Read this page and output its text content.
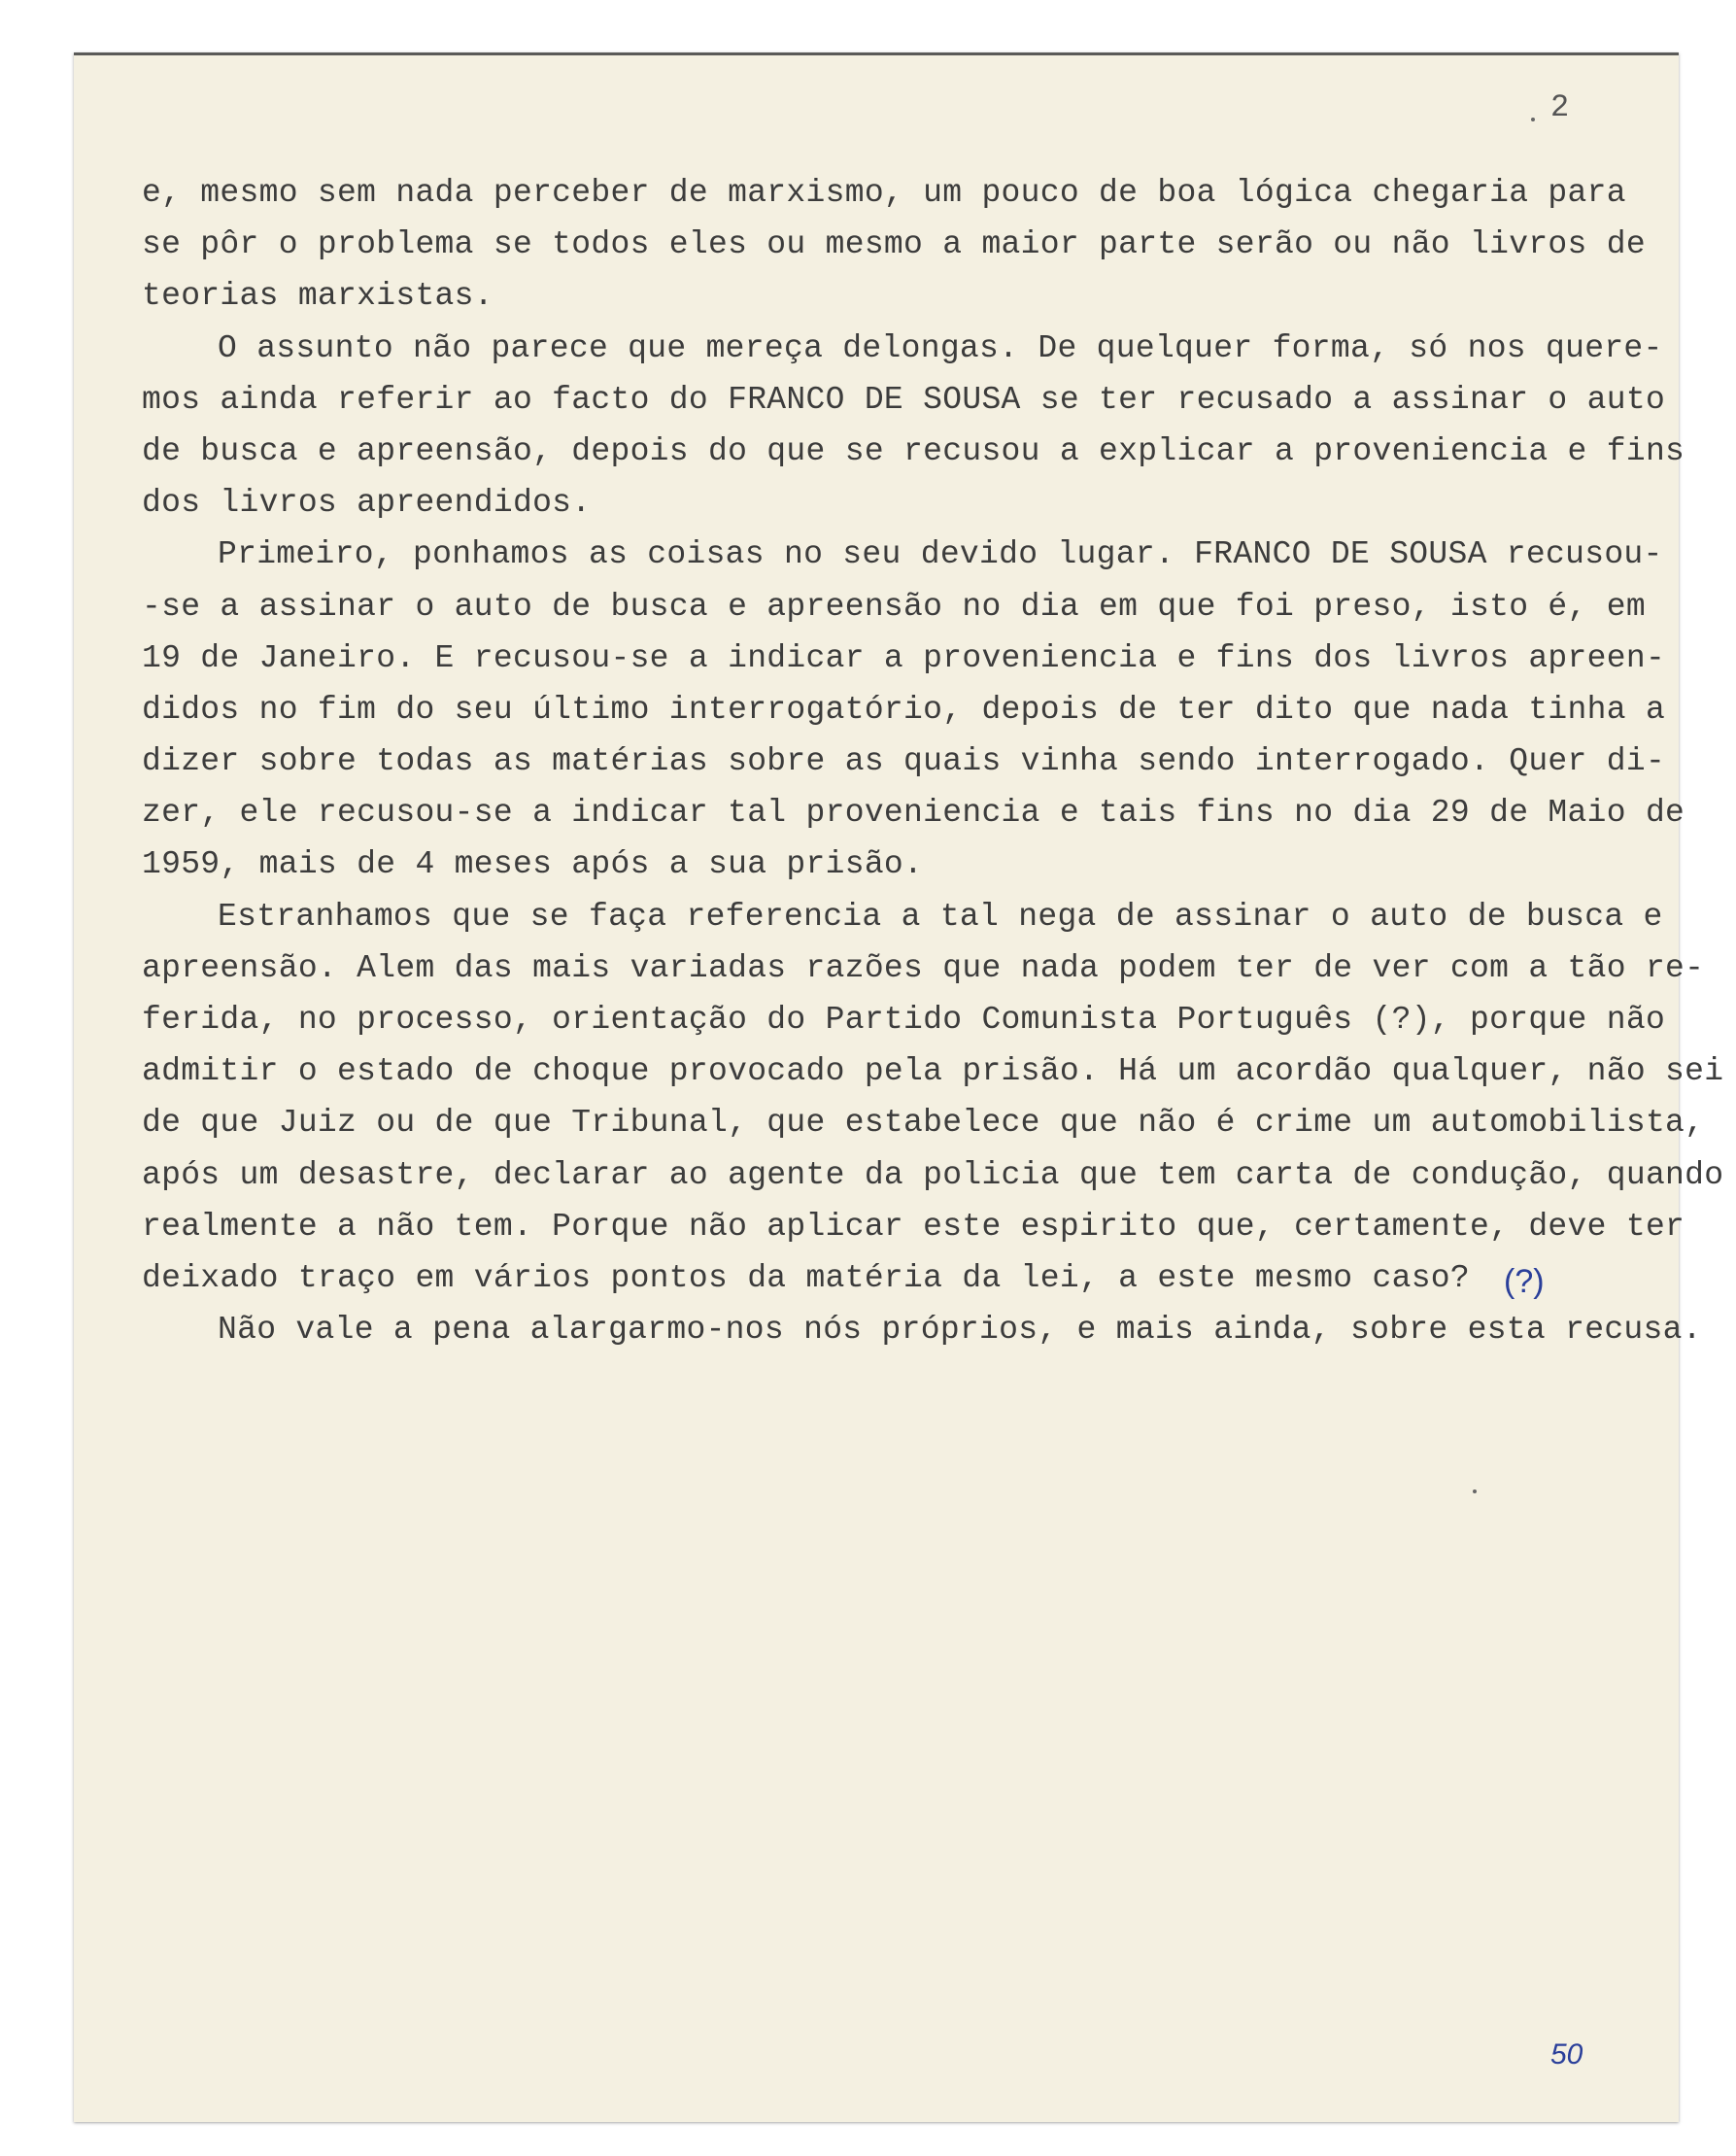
2
e, mesmo sem nada perceber de marxismo, um pouco de boa lógica chegaria para
se pôr o problema se todos eles ou mesmo a maior parte serão ou não livros de
teorias marxistas.
O assunto não parece que mereça delongas. De quelquer forma, só nos quere-
mos ainda referir ao facto do FRANCO DE SOUSA se ter recusado a assinar o auto
de busca e apreensão, depois do que se recusou a explicar a proveniencia e fins
dos livros apreendidos.
Primeiro, ponhamos as coisas no seu devido lugar. FRANCO DE SOUSA recusou-
-se a assinar o auto de busca e apreensão no dia em que foi preso, isto é, em
19 de Janeiro. E recusou-se a indicar a proveniencia e fins dos livros apreen-
didos no fim do seu último interrogatório, depois de ter dito que nada tinha a
dizer sobre todas as matérias sobre as quais vinha sendo interrogado. Quer di-
zer, ele recusou-se a indicar tal proveniencia e tais fins no dia 29 de Maio de
1959, mais de 4 meses após a sua prisão.
Estranhamos que se faça referencia a tal nega de assinar o auto de busca e
apreensão. Alem das mais variadas razões que nada podem ter de ver com a tão re-
ferida, no processo, orientação do Partido Comunista Português (?), porque não
admitir o estado de choque provocado pela prisão. Há um acordão qualquer, não sei
de que Juiz ou de que Tribunal, que estabelece que não é crime um automobilista,
após um desastre, declarar ao agente da policia que tem carta de condução, quando
realmente a não tem. Porque não aplicar este espirito que, certamente, deve ter
deixado traço em vários pontos da matéria da lei, a este mesmo caso?
Não vale a pena alargarmo-nos nós próprios, e mais ainda, sobre esta recusa.
(?)
50
